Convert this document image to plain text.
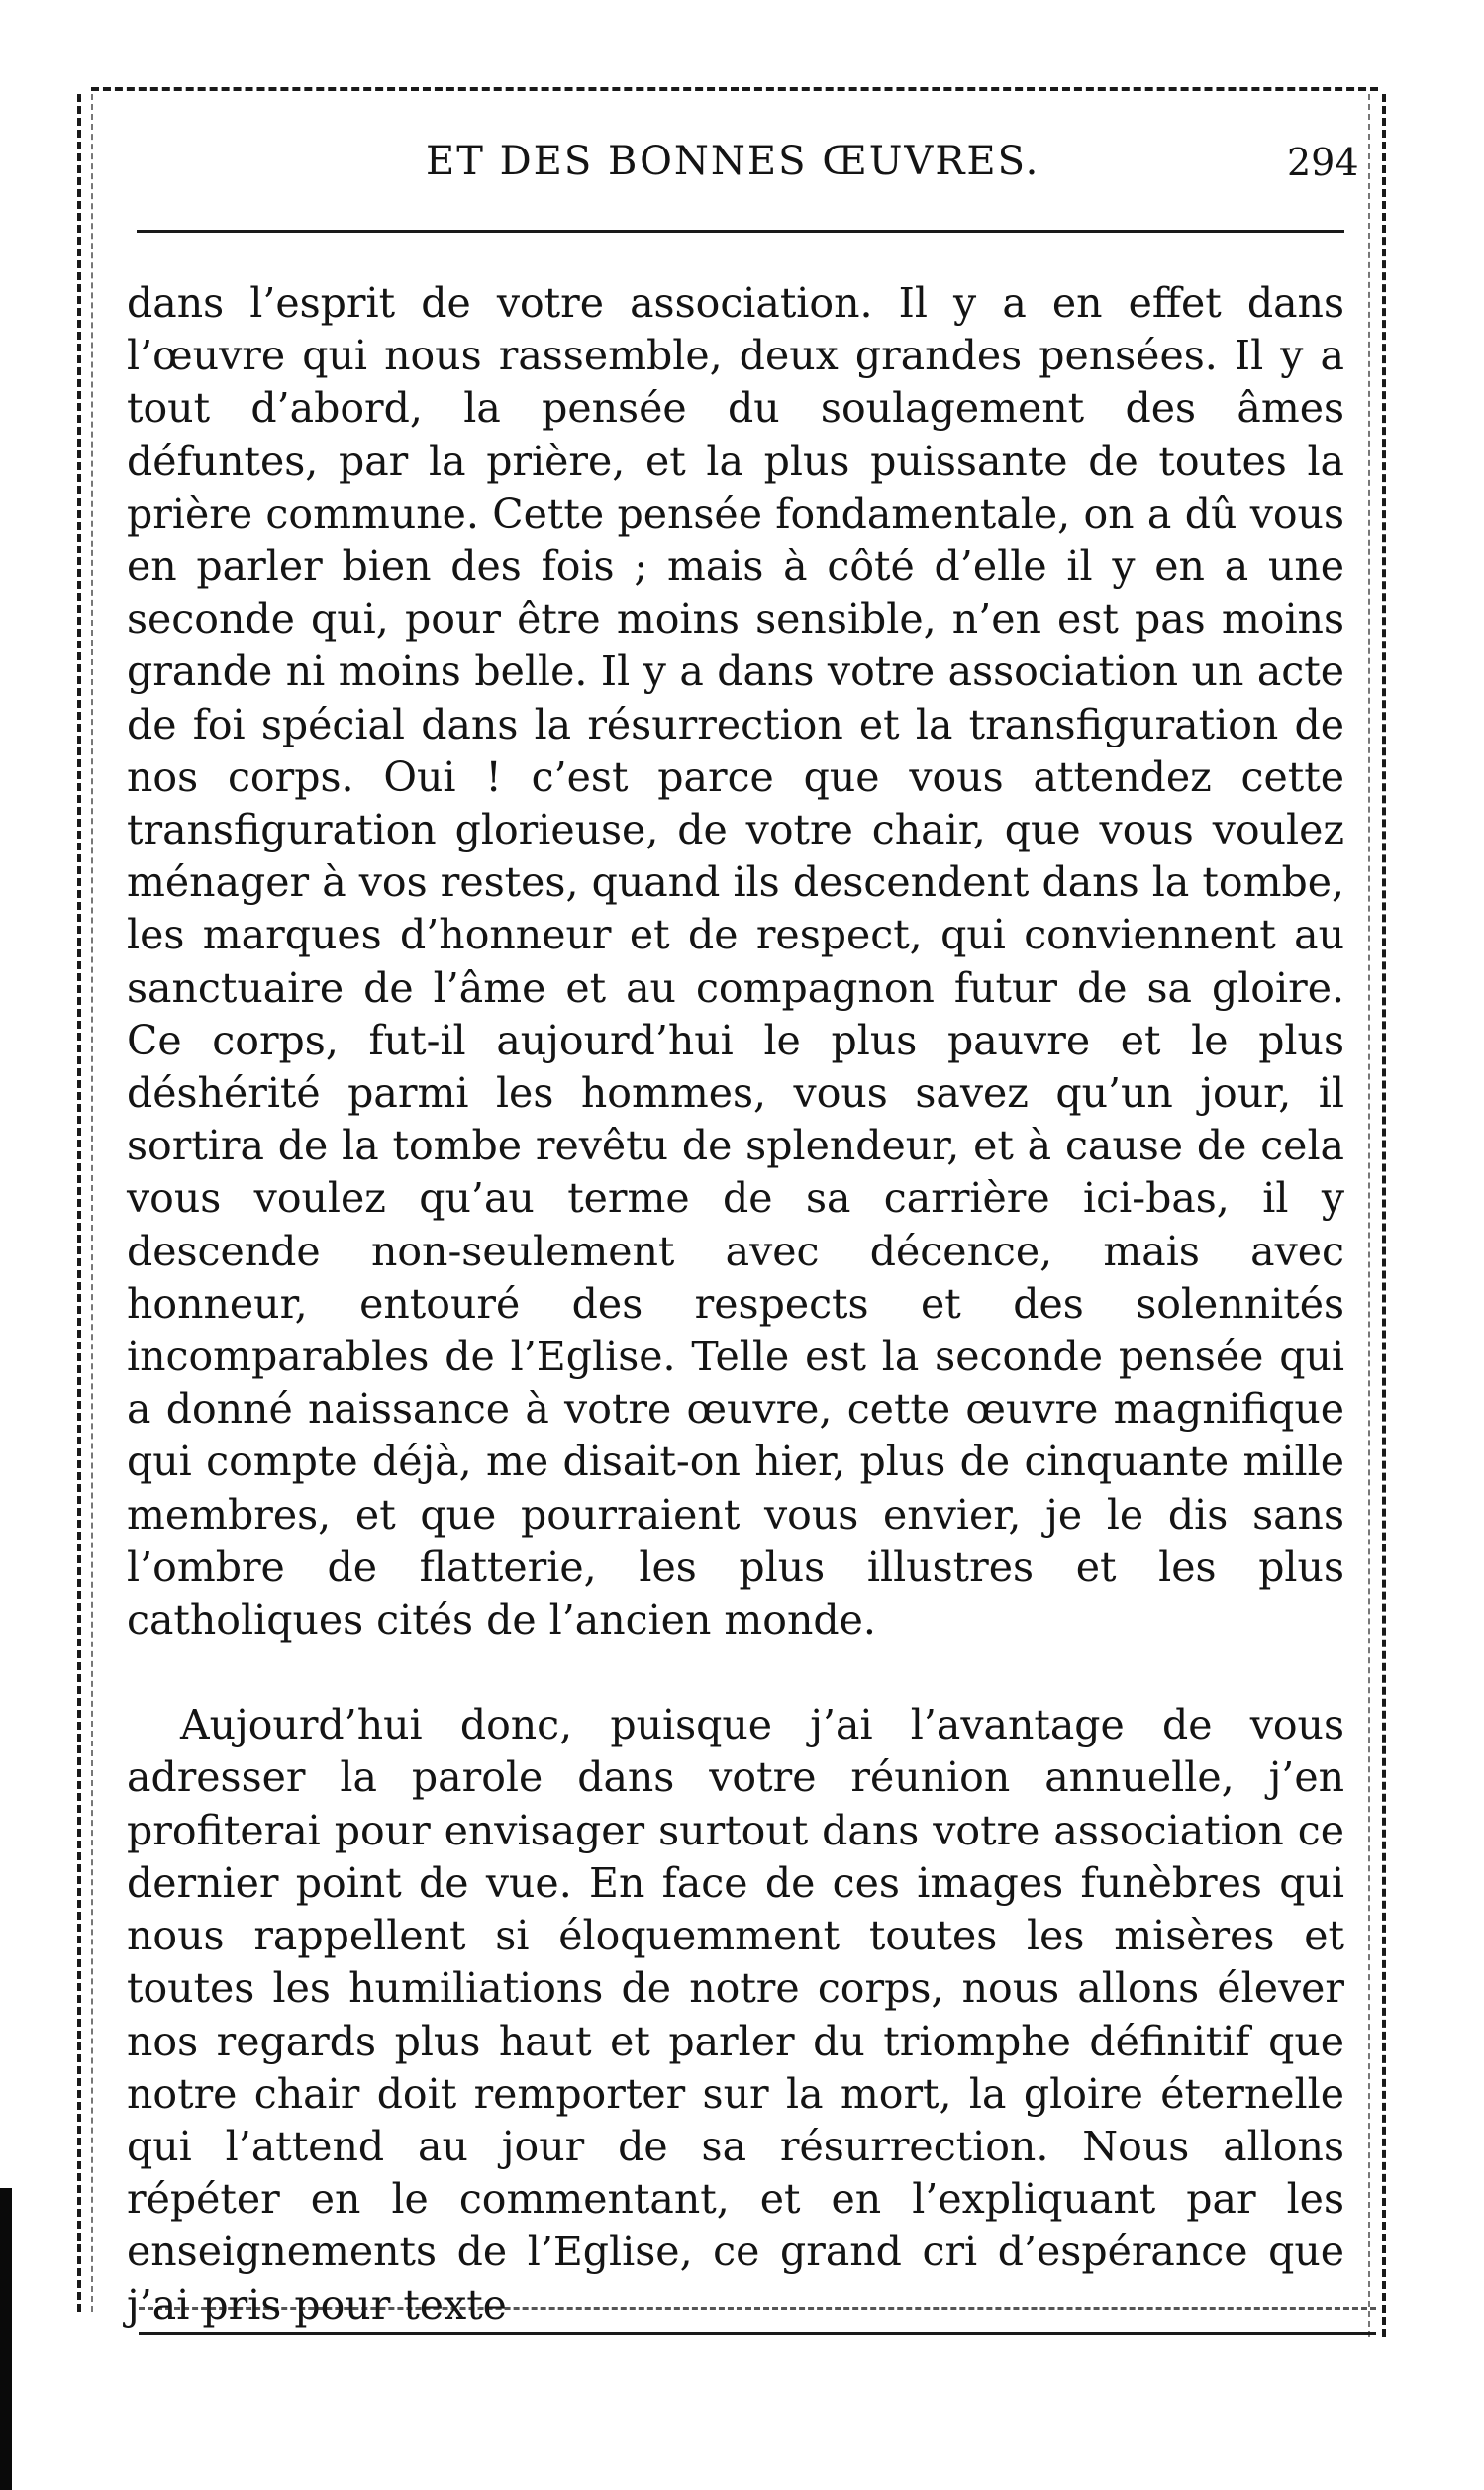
ET DES BONNES ŒUVRES.	294

dans l’esprit de votre association. Il y a en effet dans l’œuvre qui nous rassemble, deux grandes pensées. Il y a tout d’abord, la pensée du soulagement des âmes défuntes, par la prière, et la plus puissante de toutes la prière commune. Cette pensée fondamentale, on a dû vous en parler bien des fois ; mais à côté d’elle il y en a une seconde qui, pour être moins sensible, n’en est pas moins grande ni moins belle. Il y a dans votre association un acte de foi spécial dans la résurrection et la transfiguration de nos corps. Oui ! c’est parce que vous attendez cette transfiguration glorieuse, de votre chair, que vous voulez ménager à vos restes, quand ils descendent dans la tombe, les marques d’honneur et de respect, qui conviennent au sanctuaire de l’âme et au compagnon futur de sa gloire. Ce corps, fut-il aujourd’hui le plus pauvre et le plus déshérité parmi les hommes, vous savez qu’un jour, il sortira de la tombe revêtu de splendeur, et à cause de cela vous voulez qu’au terme de sa carrière ici-bas, il y descende non-seulement avec décence, mais avec honneur, entouré des respects et des solennités incomparables de l’Eglise. Telle est la seconde pensée qui a donné naissance à votre œuvre, cette œuvre magnifique qui compte déjà, me disait-on hier, plus de cinquante mille membres, et que pourraient vous envier, je le dis sans l’ombre de flatterie, les plus illustres et les plus catholiques cités de l’ancien monde.

Aujourd’hui donc, puisque j’ai l’avantage de vous adresser la parole dans votre réunion annuelle, j’en profiterai pour envisager surtout dans votre association ce dernier point de vue. En face de ces images funèbres qui nous rappellent si éloquemment toutes les misères et toutes les humiliations de notre corps, nous allons élever nos regards plus haut et parler du triomphe définitif que notre chair doit remporter sur la mort, la gloire éternelle qui l’attend au jour de sa résurrection. Nous allons répéter en le commentant, et en l’expliquant par les enseignements de l’Eglise, ce grand cri d’espérance que j’ai pris pour texte
